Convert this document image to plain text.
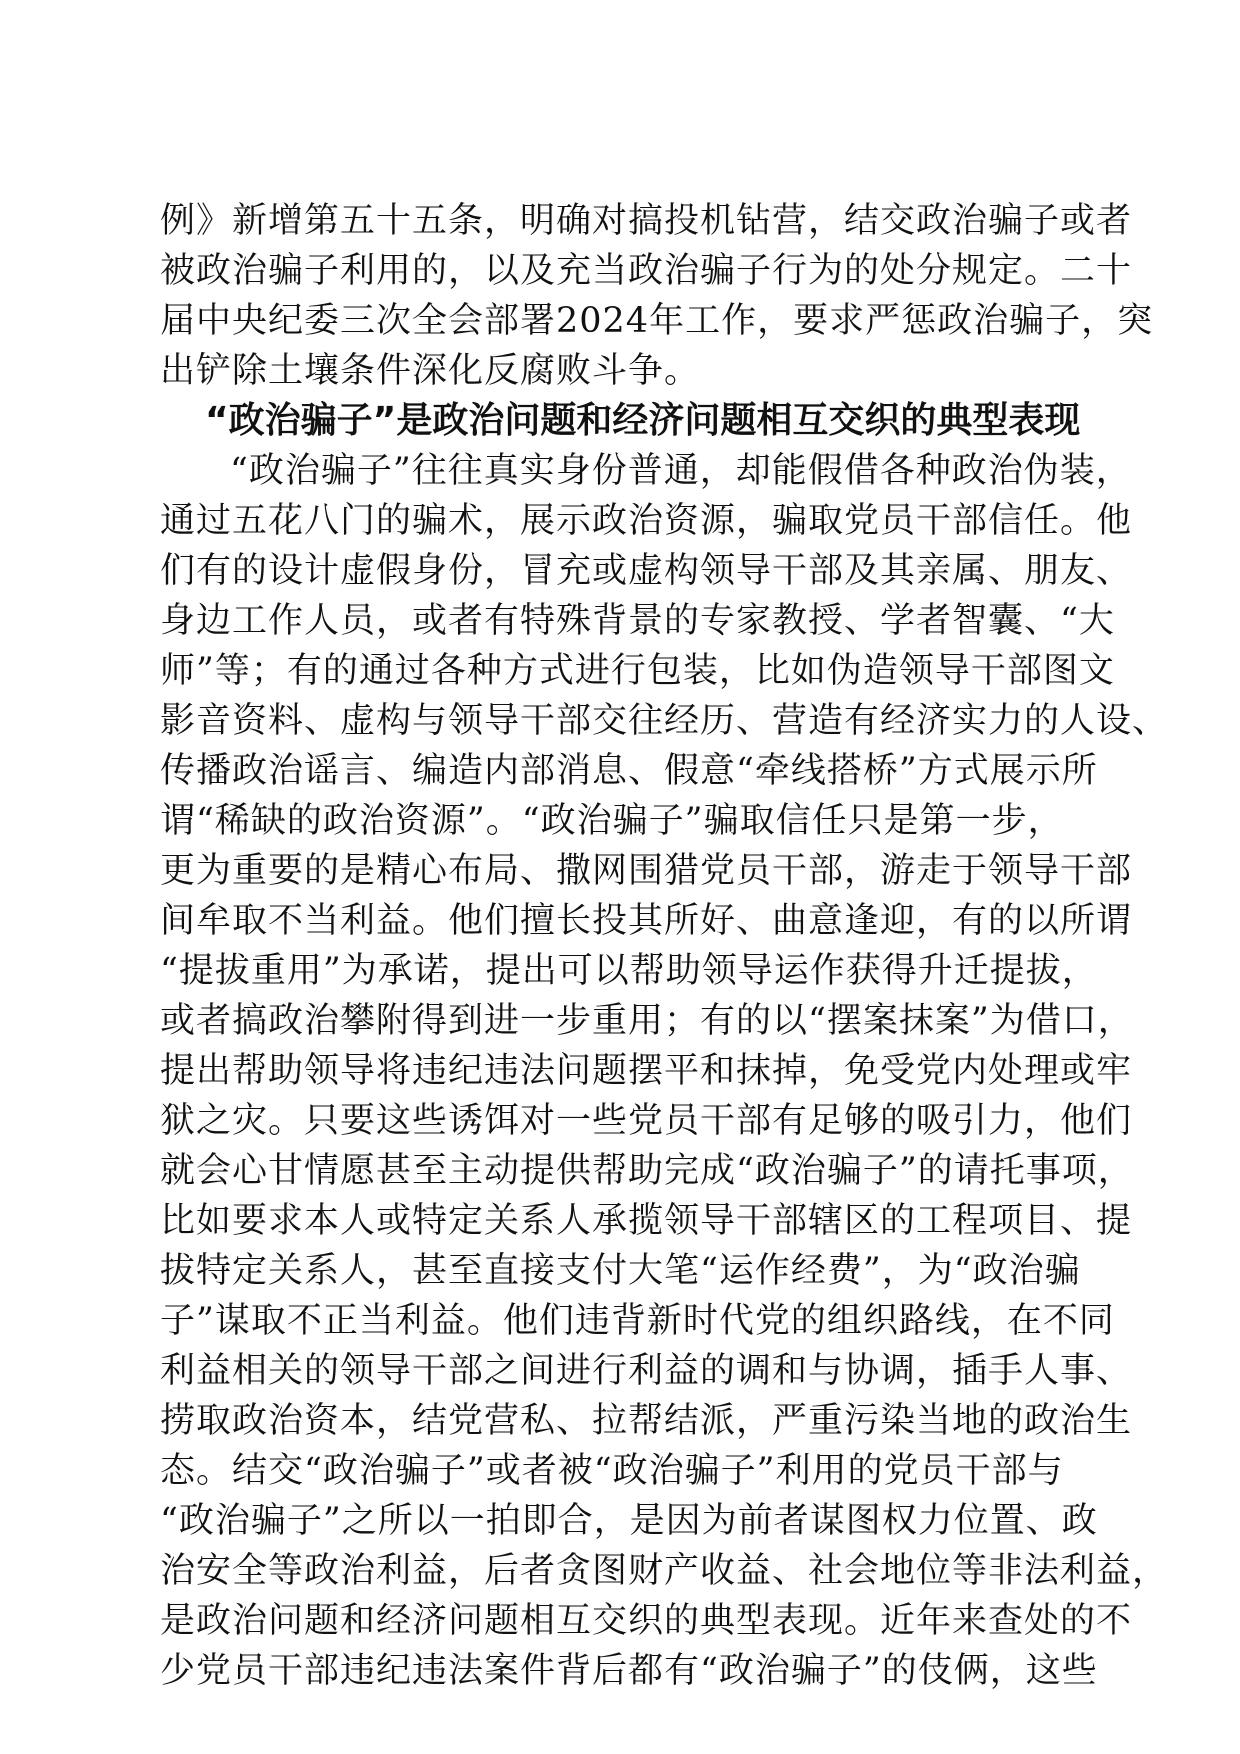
例》新增第五十五条，明确对搞投机钻营，结交政治骗子或者
被政治骗子利用的，以及充当政治骗子行为的处分规定。二十
届中央纪委三次全会部署2024年工作，要求严惩政治骗子，突
出铲除土壤条件深化反腐败斗争。
“政治骗子”是政治问题和经济问题相互交织的典型表现
“政治骗子”往往真实身份普通，却能假借各种政治伪装，
通过五花八门的骗术，展示政治资源，骗取党员干部信任。他
们有的设计虚假身份，冒充或虚构领导干部及其亲属、朋友、
身边工作人员，或者有特殊背景的专家教授、学者智囊、“大
师”等；有的通过各种方式进行包装，比如伪造领导干部图文
影音资料、虚构与领导干部交往经历、营造有经济实力的人设、
传播政治谣言、编造内部消息、假意“牵线搭桥”方式展示所
谓“稀缺的政治资源”。“政治骗子”骗取信任只是第一步，
更为重要的是精心布局、撒网围猎党员干部，游走于领导干部
间牟取不当利益。他们擅长投其所好、曲意逢迎，有的以所谓
“提拔重用”为承诺，提出可以帮助领导运作获得升迁提拔，
或者搞政治攀附得到进一步重用；有的以“摆案抹案”为借口，
提出帮助领导将违纪违法问题摆平和抹掉，免受党内处理或牢
狱之灾。只要这些诱饵对一些党员干部有足够的吸引力，他们
就会心甘情愿甚至主动提供帮助完成“政治骗子”的请托事项，
比如要求本人或特定关系人承揽领导干部辖区的工程项目、提
拔特定关系人，甚至直接支付大笔“运作经费”，为“政治骗
子”谋取不正当利益。他们违背新时代党的组织路线，在不同
利益相关的领导干部之间进行利益的调和与协调，插手人事、
捞取政治资本，结党营私、拉帮结派，严重污染当地的政治生
态。结交“政治骗子”或者被“政治骗子”利用的党员干部与
“政治骗子”之所以一拍即合，是因为前者谋图权力位置、政
治安全等政治利益，后者贪图财产收益、社会地位等非法利益，
是政治问题和经济问题相互交织的典型表现。近年来查处的不
少党员干部违纪违法案件背后都有“政治骗子”的伎俩，这些
